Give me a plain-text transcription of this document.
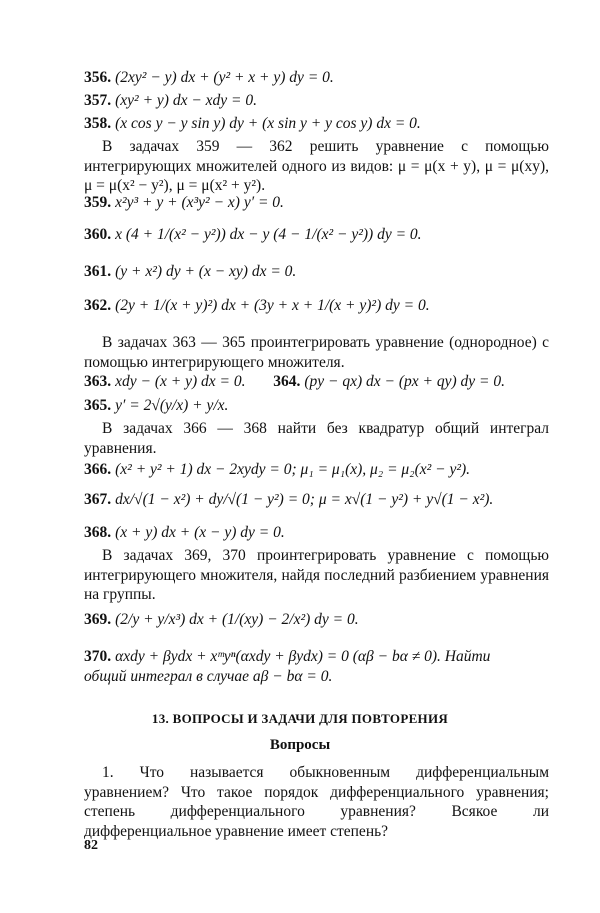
356. (2xy² − y) dx + (y² + x + y) dy = 0.
357. (xy² + y) dx − xdy = 0.
358. (x cos y − y sin y) dy + (x sin y + y cos y) dx = 0.
В задачах 359 — 362 решить уравнение с помощью интегрирующих множителей одного из видов: μ = μ(x + y), μ = μ(xy), μ = μ(x² − y²), μ = μ(x² + y²).
359. x²y³ + y + (x³y² − x) y′ = 0.
360. x (4 + 1/(x² − y²)) dx − y (4 − 1/(x² − y²)) dy = 0.
361. (y + x²) dy + (x − xy) dx = 0.
362. (2y + 1/(x + y)²) dx + (3y + x + 1/(x + y)²) dy = 0.
В задачах 363 — 365 проинтегрировать уравнение (однородное) с помощью интегрирующего множителя.
363. xdy − (x + y) dx = 0. 364. (py − qx) dx − (px + qy) dy = 0.
365. y′ = 2√(y/x) + y/x.
В задачах 366 — 368 найти без квадратур общий интеграл уравнения.
366. (x² + y² + 1) dx − 2xydy = 0; μ₁ = μ₁(x), μ₂ = μ₂(x² − y²).
367. dx/√(1 − x²) + dy/√(1 − y²) = 0; μ = x√(1 − y²) + y√(1 − x²).
368. (x + y) dx + (x − y) dy = 0.
В задачах 369, 370 проинтегрировать уравнение с помощью интегрирующего множителя, найдя последний разбиением уравнения на группы.
369. (2/y + y/x³) dx + (1/(xy) − 2/x²) dy = 0.
370. αxdy + βydx + xᵐyⁿ(αxdy + βydx) = 0 (αβ − bα ≠ 0). Найти
общий интеграл в случае aβ − bα = 0.
13. ВОПРОСЫ И ЗАДАЧИ ДЛЯ ПОВТОРЕНИЯ
Вопросы
1. Что называется обыкновенным дифференциальным уравнением? Что такое порядок дифференциального уравнения; степень дифференциального уравнения? Всякое ли дифференциальное уравнение имеет степень?
82
